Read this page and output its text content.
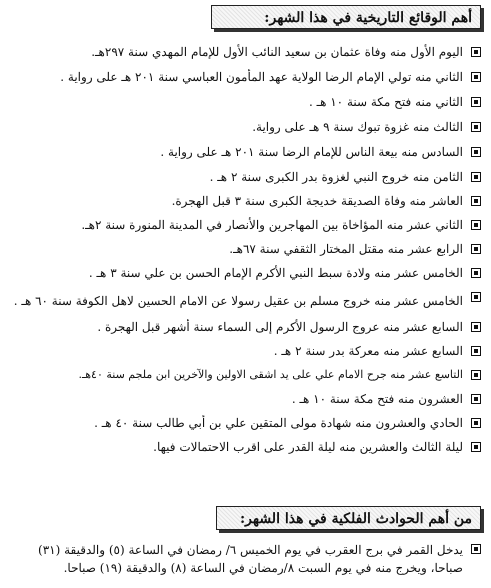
أهم الوقائع التاريخية في هذا الشهر:
اليوم الأول منه وفاة عثمان بن سعيد النائب الأول للإمام المهدي سنة ٢٩٧هـ.
الثاني منه تولي الإمام الرضا الولاية عهد المأمون العباسي سنة ٢٠١ هـ على رواية .
الثاني منه فتح مكة سنة ١٠ هـ .
الثالث منه غزوة تبوك سنة ٩ هـ على رواية.
السادس منه بيعة الناس للإمام الرضا سنة ٢٠١ هـ على رواية .
الثامن منه خروج النبي لغزوة بدر الكبرى سنة ٢ هـ .
العاشر منه وفاة الصديقة خديجة الكبرى سنة ٣ قبل الهجرة.
الثاني عشر منه المؤاخاة بين المهاجرين والأنصار في المدينة المنورة سنة ٢هـ.
الرابع عشر منه مقتل المختار الثقفي سنة ٦٧هـ.
الخامس عشر منه ولادة سبط النبي الأكرم الإمام الحسن بن علي سنة ٣ هـ .
الخامس عشر منه خروج مسلم بن عقيل رسولا عن الامام الحسين لاهل الكوفة سنة ٦٠ هـ .
السابع عشر منه عروج الرسول الأكرم إلى السماء سنة أشهر قبل الهجرة .
السابع عشر منه معركة بدر سنة ٢ هـ .
التاسع عشر منه جرح الامام علي على يد اشقى الاولين والآخرين ابن ملجم سنة ٤٠هـ.
العشرون منه فتح مكة سنة ١٠ هـ .
الحادي والعشرون منه شهادة مولى المتقين علي بن أبي طالب سنة ٤٠ هـ .
ليلة الثالث والعشرين منه ليلة القدر على اقرب الاحتمالات فيها.
من أهم الحوادث الفلكية في هذا الشهر:
يدخل القمر في برج العقرب في يوم الخميس ٦/ رمضان في الساعة (٥) والدقيقة (٣١) صباحا، ويخرج منه في يوم السبت ٨/رمضان في الساعة (٨) والدقيقة (١٩) صباحا.
